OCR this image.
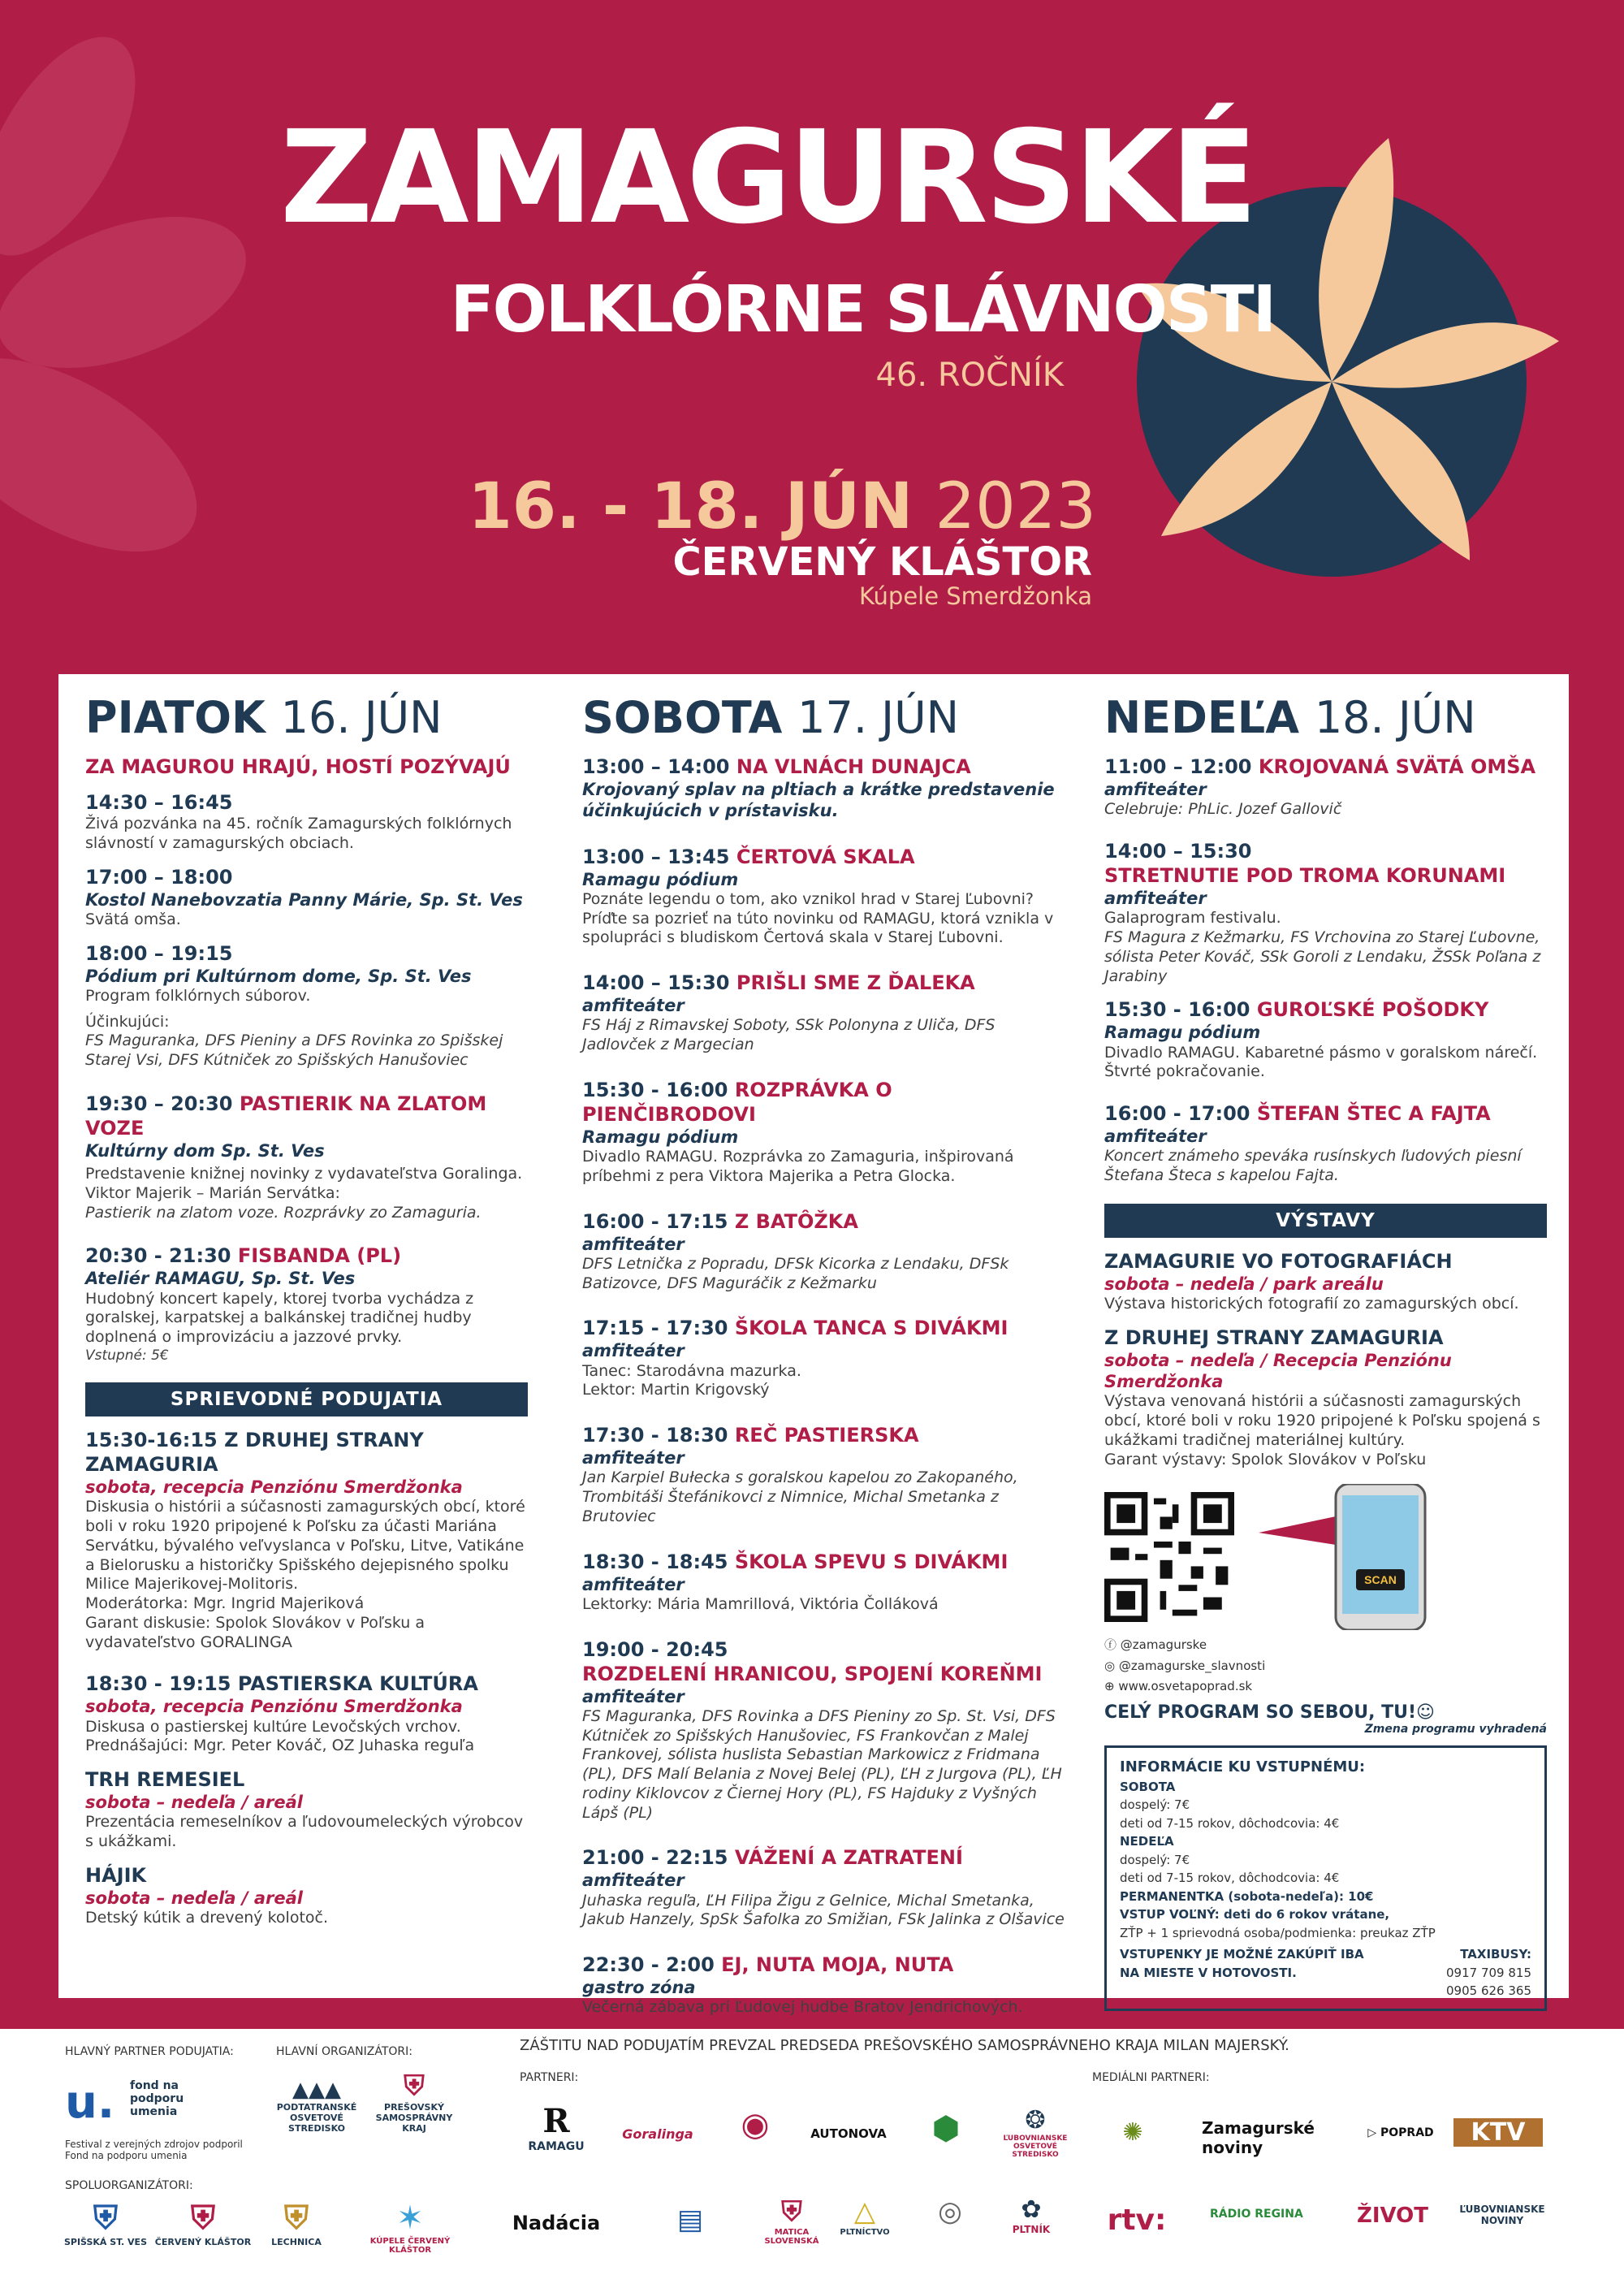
ZAMAGURSKÉ
FOLKLÓRNE SLÁVNOSTI
46. ROČNÍK
16. - 18. JÚN 2023
ČERVENÝ KLÁŠTOR
Kúpele Smerdžonka
PIATOK 16. JÚN
ZA MAGUROU HRAJÚ, HOSTÍ POZÝVAJÚ
14:30 – 16:45
Živá pozvánka na 45. ročník Zamagurských folklórnych slávností v zamagurských obciach.
17:00 – 18:00
Kostol Nanebovzatia Panny Márie, Sp. St. Ves
Svätá omša.
18:00 – 19:15
Pódium pri Kultúrnom dome, Sp. St. Ves
Program folklórnych súborov.
Účinkujúci:
FS Maguranka, DFS Pieniny a DFS Rovinka zo Spišskej Starej Vsi, DFS Kútniček zo Spišských Hanušoviec
19:30 – 20:30 PASTIERIK NA ZLATOM VOZE
Kultúrny dom Sp. St. Ves
Predstavenie knižnej novinky z vydavateľstva Goralinga.
Viktor Majerik – Marián Servátka:
Pastierik na zlatom voze. Rozprávky zo Zamaguria.
20:30 - 21:30 FISBANDA (PL)
Ateliér RAMAGU, Sp. St. Ves
Hudobný koncert kapely, ktorej tvorba vychádza z goralskej, karpatskej a balkánskej tradičnej hudby doplnená o improvizáciu a jazzové prvky.
Vstupné: 5€
SPRIEVODNÉ PODUJATIA
15:30-16:15 Z DRUHEJ STRANY ZAMAGURIA
sobota, recepcia Penziónu Smerdžonka
Diskusia o histórii a súčasnosti zamagurských obcí, ktoré boli v roku 1920 pripojené k Poľsku za účasti Mariána Servátku, bývalého veľvyslanca v Poľsku, Litve, Vatikáne a Bielorusku a historičky Spišského dejepisného spolku Milice Majerikovej-Molitoris.
Moderátorka: Mgr. Ingrid Majeriková
Garant diskusie: Spolok Slovákov v Poľsku a vydavateľstvo GORALINGA
18:30 - 19:15 PASTIERSKA KULTÚRA
sobota, recepcia Penziónu Smerdžonka
Diskusa o pastierskej kultúre Levočských vrchov.
Prednášajúci: Mgr. Peter Kováč, OZ Juhaska reguľa
TRH REMESIEL
sobota – nedeľa / areál
Prezentácia remeselníkov a ľudovoumeleckých výrobcov s ukážkami.
HÁJIK
sobota – nedeľa / areál
Detský kútik a drevený kolotoč.
SOBOTA 17. JÚN
13:00 – 14:00 NA VLNÁCH DUNAJCA
Krojovaný splav na pltiach a krátke predstavenie účinkujúcich v prístavisku.
13:00 – 13:45 ČERTOVÁ SKALA
Ramagu pódium
Poznáte legendu o tom, ako vznikol hrad v Starej Ľubovni? Príďte sa pozrieť na túto novinku od RAMAGU, ktorá vznikla v spolupráci s bludiskom Čertová skala v Starej Ľubovni.
14:00 – 15:30 PRIŠLI SME Z ĎALEKA
amfiteáter
FS Háj z Rimavskej Soboty, SSk Polonyna z Uliča, DFS Jadlovček z Margecian
15:30 - 16:00 ROZPRÁVKA O PIENČIBRODOVI
Ramagu pódium
Divadlo RAMAGU. Rozprávka zo Zamaguria, inšpirovaná príbehmi z pera Viktora Majerika a Petra Glocka.
16:00 - 17:15 Z BATÔŽKA
amfiteáter
DFS Letnička z Popradu, DFSk Kicorka z Lendaku, DFSk Batizovce, DFS Maguráčik z Kežmarku
17:15 - 17:30 ŠKOLA TANCA S DIVÁKMI
amfiteáter
Tanec: Starodávna mazurka.
Lektor: Martin Krigovský
17:30 - 18:30 REČ PASTIERSKA
amfiteáter
Jan Karpiel Bułecka s goralskou kapelou zo Zakopaného, Trombitáši Štefánikovci z Nimnice, Michal Smetanka z Brutoviec
18:30 - 18:45 ŠKOLA SPEVU S DIVÁKMI
amfiteáter
Lektorky: Mária Mamrillová, Viktória Čolláková
19:00 - 20:45
ROZDELENÍ HRANICOU, SPOJENÍ KOREŇMI
amfiteáter
FS Maguranka, DFS Rovinka a DFS Pieniny zo Sp. St. Vsi, DFS Kútniček zo Spišských Hanušoviec, FS Frankovčan z Malej Frankovej, sólista huslista Sebastian Markowicz z Fridmana (PL), DFS Malí Belania z Novej Belej (PL), ĽH z Jurgova (PL), ĽH rodiny Kiklovcov z Čiernej Hory (PL), FS Hajduky z Vyšných Lápš (PL)
21:00 - 22:15 VÁŽENÍ A ZATRATENÍ
amfiteáter
Juhaska reguľa, ĽH Filipa Žigu z Gelnice, Michal Smetanka, Jakub Hanzely, SpSk Šafolka zo Smižian, FSk Jalinka z Olšavice
22:30 - 2:00 EJ, NUTA MOJA, NUTA
gastro zóna
Večerná zábava pri Ľudovej hudbe Bratov Jendrichových.
NEDEĽA 18. JÚN
11:00 – 12:00 KROJOVANÁ SVÄTÁ OMŠA
amfiteáter
Celebruje: PhLic. Jozef Gallovič
14:00 – 15:30
STRETNUTIE POD TROMA KORUNAMI
amfiteáter
Galaprogram festivalu.
FS Magura z Kežmarku, FS Vrchovina zo Starej Ľubovne, sólista Peter Kováč, SSk Goroli z Lendaku, ŽSSk Poľana z Jarabiny
15:30 - 16:00 GUROĽSKÉ POŠODKY
Ramagu pódium
Divadlo RAMAGU. Kabaretné pásmo v goralskom nárečí. Štvrté pokračovanie.
16:00 - 17:00 ŠTEFAN ŠTEC A FAJTA
amfiteáter
Koncert známeho speváka rusínskych ľudových piesní Štefana Šteca s kapelou Fajta.
VÝSTAVY
ZAMAGURIE VO FOTOGRAFIÁCH
sobota – nedeľa / park areálu
Výstava historických fotografií zo zamagurských obcí.
Z DRUHEJ STRANY ZAMAGURIA
sobota – nedeľa / Recepcia Penziónu Smerdžonka
Výstava venovaná histórii a súčasnosti zamagurských obcí, ktoré boli v roku 1920 pripojené k Poľsku spojená s ukážkami tradičnej materiálnej kultúry.
Garant výstavy: Spolok Slovákov v Poľsku
SCAN
ⓕ @zamagurske
◎ @zamagurske_slavnosti
⊕ www.osvetapoprad.sk
CELÝ PROGRAM SO SEBOU, TU!☺
Zmena programu vyhradená
INFORMÁCIE KU VSTUPNÉMU:
SOBOTA
dospelý: 7€
deti od 7-15 rokov, dôchodcovia: 4€
NEDEĽA
dospelý: 7€
deti od 7-15 rokov, dôchodcovia: 4€
PERMANENTKA (sobota-nedeľa): 10€
VSTUP VOĽNÝ: deti do 6 rokov vrátane,
ZŤP + 1 sprievodná osoba/podmienka: preukaz ZŤP
VSTUPENKY JE MOŽNÉ ZAKÚPIŤ IBA NA MIESTE V HOTOVOSTI.
TAXIBUSY:
0917 709 815
0905 626 365
HLAVNÝ PARTNER PODUJATIA:	HLAVNÍ ORGANIZÁTORI:	ZÁŠTITU NAD PODUJATÍM PREVZAL PREDSEDA PREŠOVSKÉHO SAMOSPRÁVNEHO KRAJA MILAN MAJERSKÝ.
PARTNERI:	MEDIÁLNI PARTNERI:
SPOLUORGANIZÁTORI:
u. fond na podporu umenia
Festival z verejných zdrojov podporil Fond na podporu umenia
▲▲▲
PODTATRANSKÉ OSVETOVÉ STREDISKO
⛨
PREŠOVSKÝ SAMOSPRÁVNY KRAJ
⛨
SPIŠSKÁ ST. VES
⛨
ČERVENÝ KLÁŠTOR
⛨
LECHNICA
✶
KÚPELE ČERVENÝ KLÁŠTOR
R
RAMAGU
Goralinga	◉	AUTONOVA	⬢	❂
ĽUBOVNIANSKE OSVETOVÉ STREDISKO
Nadácia	▤	⛨
MATICA SLOVENSKÁ
△
PLTNÍCTVO
◎	✿
PLTNÍK
✺	Zamagurské noviny
▷ POPRAD	KTV
rtv:	RÁDIO REGINA	ŽIVOT	ĽUBOVNIANSKE NOVINY
